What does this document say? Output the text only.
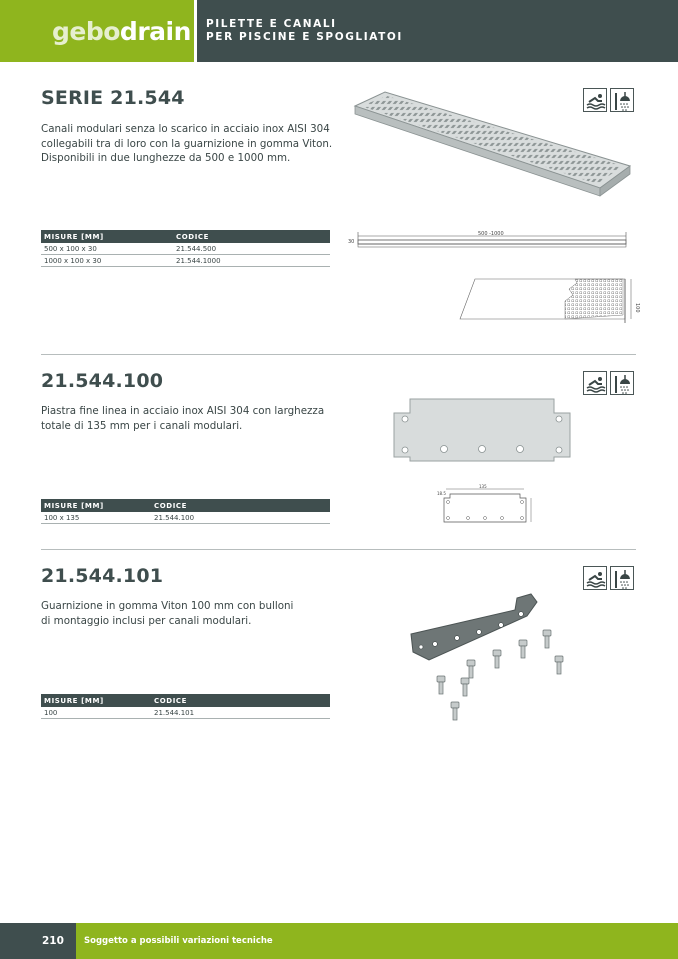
gebo drain PILETTE E CANALI
PER PISCINE E SPOGLIATOI
SERIE 21.544
Canali modulari senza lo scarico in acciaio inox AISI 304
collegabili tra di loro con la guarnizione in gomma Viton.
Disponibili in due lunghezze da 500 e 1000 mm.
500 -1000
30
100
MISURE [MM]	CODICE
500 x 100 x 30	21.544.500
1000 x 100 x 30	21.544.1000
21.544.100
Piastra fine linea in acciaio inox AISI 304 con larghezza
totale di 135 mm per i canali modulari.
135
18.5
MISURE [MM]	CODICE
100 x 135	21.544.100
21.544.101
Guarnizione in gomma Viton 100 mm con bulloni
di montaggio inclusi per canali modulari.
MISURE [MM]	CODICE
100	21.544.101
210	Soggetto a possibili variazioni tecniche
